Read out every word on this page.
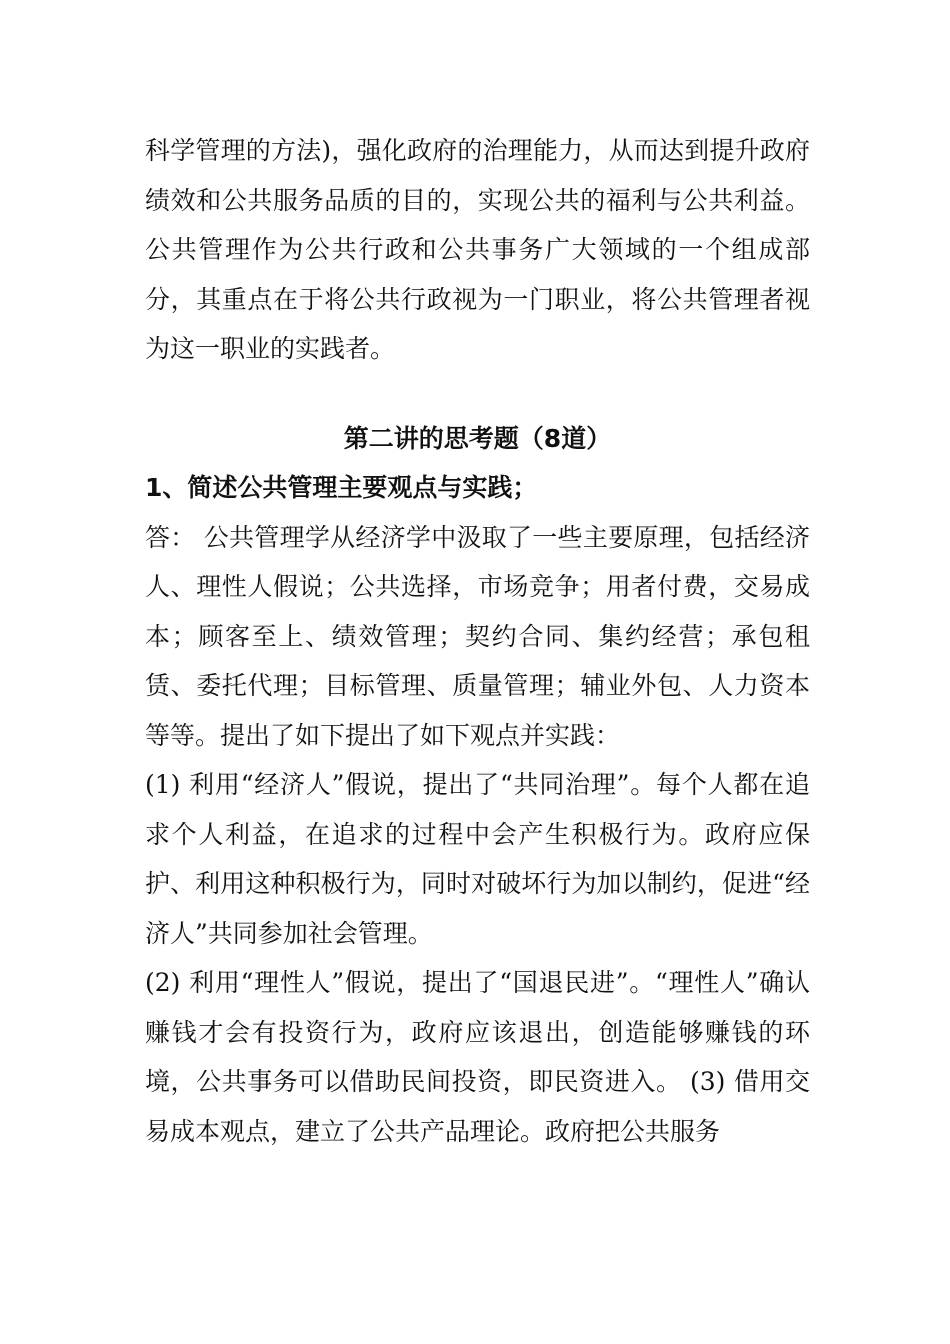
科学管理的方法)，强化政府的治理能力，从而达到提升政府绩效和公共服务品质的目的，实现公共的福利与公共利益。公共管理作为公共行政和公共事务广大领域的一个组成部分，其重点在于将公共行政视为一门职业，将公共管理者视为这一职业的实践者。

第二讲的思考题（8道）

1、简述公共管理主要观点与实践；

答： 公共管理学从经济学中汲取了一些主要原理，包括经济人、理性人假说；公共选择，市场竞争；用者付费，交易成本；顾客至上、绩效管理；契约合同、集约经营；承包租赁、委托代理；目标管理、质量管理；辅业外包、人力资本等等。提出了如下提出了如下观点并实践：

(1) 利用“经济人”假说，提出了“共同治理”。每个人都在追求个人利益，在追求的过程中会产生积极行为。政府应保护、利用这种积极行为，同时对破坏行为加以制约，促进“经济人”共同参加社会管理。

(2) 利用“理性人”假说，提出了“国退民进”。“理性人”确认赚钱才会有投资行为，政府应该退出，创造能够赚钱的环境，公共事务可以借助民间投资，即民资进入。 (3) 借用交易成本观点，建立了公共产品理论。政府把公共服务
